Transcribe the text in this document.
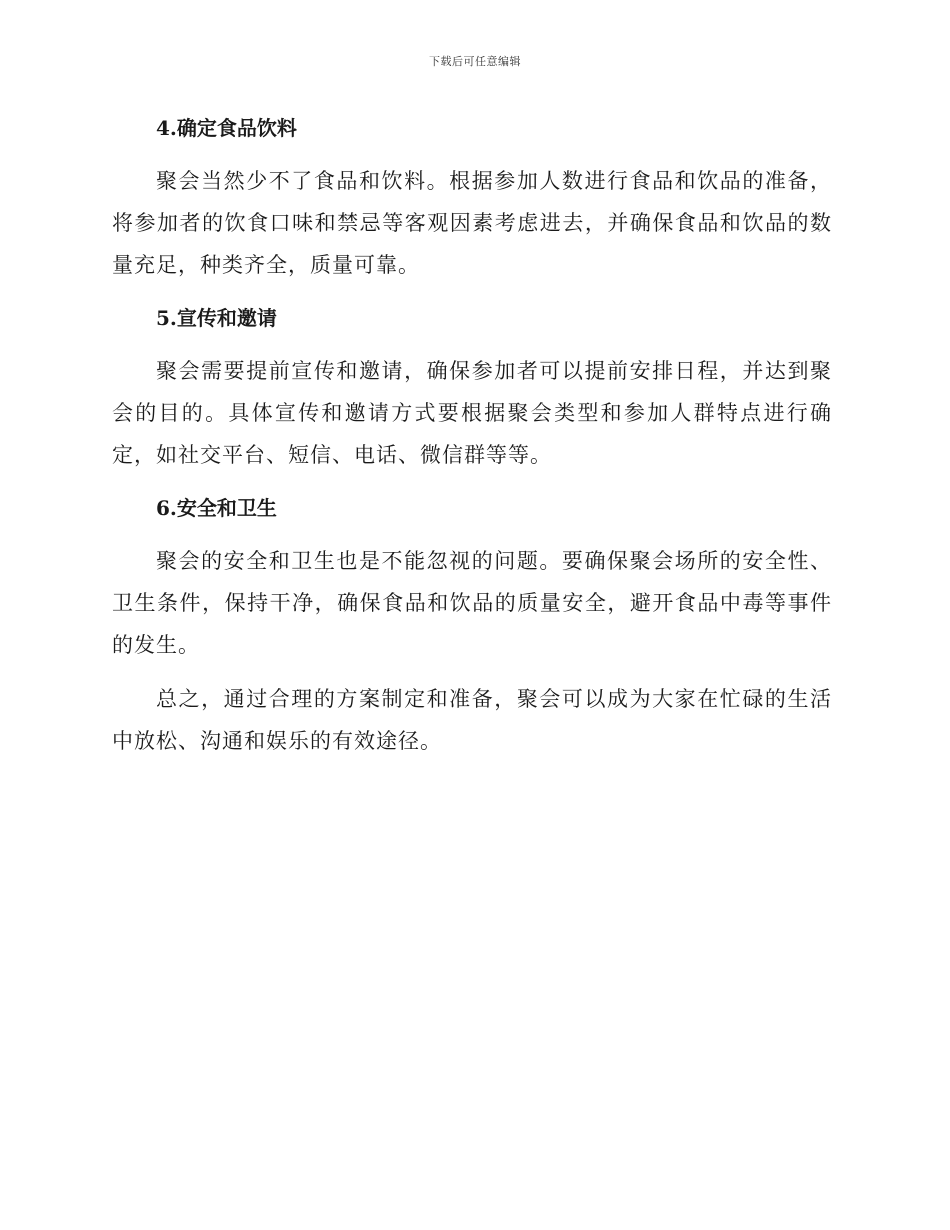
下载后可任意编辑
4.确定食品饮料

聚会当然少不了食品和饮料。根据参加人数进行食品和饮品的准备，将参加者的饮食口味和禁忌等客观因素考虑进去，并确保食品和饮品的数量充足，种类齐全，质量可靠。

5.宣传和邀请

聚会需要提前宣传和邀请，确保参加者可以提前安排日程，并达到聚会的目的。具体宣传和邀请方式要根据聚会类型和参加人群特点进行确定，如社交平台、短信、电话、微信群等等。

6.安全和卫生

聚会的安全和卫生也是不能忽视的问题。要确保聚会场所的安全性、卫生条件，保持干净，确保食品和饮品的质量安全，避开食品中毒等事件的发生。

总之，通过合理的方案制定和准备，聚会可以成为大家在忙碌的生活中放松、沟通和娱乐的有效途径。
